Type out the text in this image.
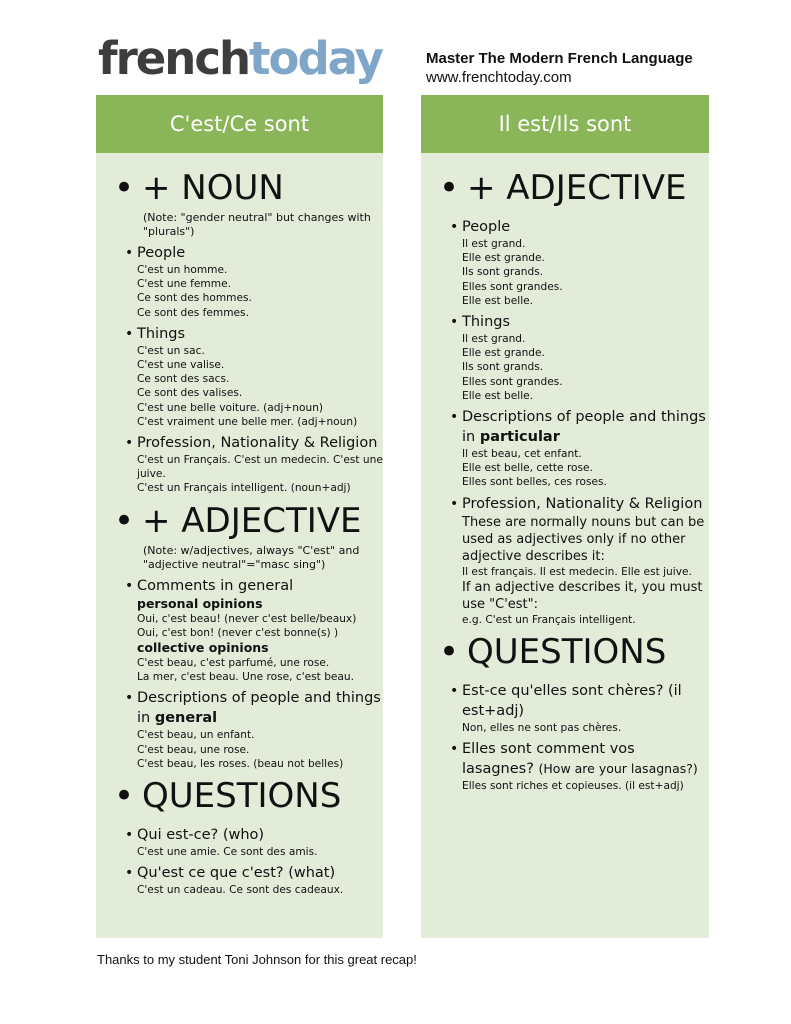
frenchtoday	Master The Modern French Language
www.frenchtoday.com
C'est/Ce sont
• + NOUN
(Note: "gender neutral" but changes with "plurals")
• People
C'est un homme.
C'est une femme.
Ce sont des hommes.
Ce sont des femmes.
• Things
C'est un sac.
C'est une valise.
Ce sont des sacs.
Ce sont des valises.
C'est une belle voiture. (adj+noun)
C'est vraiment une belle mer. (adj+noun)
• Profession, Nationality & Religion
C'est un Français. C'est un medecin. C'est une juive.
C'est un Français intelligent. (noun+adj)
• + ADJECTIVE
(Note: w/adjectives, always "C'est" and "adjective neutral"="masc sing")
• Comments in general
personal opinions
Oui, c'est beau! (never c'est belle/beaux)
Oui, c'est bon! (never c'est bonne(s) )
collective opinions
C'est beau, c'est parfumé, une rose.
La mer, c'est beau. Une rose, c'est beau.
• Descriptions of people and things in general
C'est beau, un enfant.
C'est beau, une rose.
C'est beau, les roses. (beau not belles)
• QUESTIONS
• Qui est-ce? (who)
C'est une amie. Ce sont des amis.
• Qu'est ce que c'est? (what)
C'est un cadeau. Ce sont des cadeaux.
Il est/Ils sont
• + ADJECTIVE
• People
Il est grand.
Elle est grande.
Ils sont grands.
Elles sont grandes.
Elle est belle.
• Things
Il est grand.
Elle est grande.
Ils sont grands.
Elles sont grandes.
Elle est belle.
• Descriptions of people and things in particular
Il est beau, cet enfant.
Elle est belle, cette rose.
Elles sont belles, ces roses.
• Profession, Nationality & Religion
These are normally nouns but can be used as adjectives only if no other adjective describes it:
Il est français. Il est medecin. Elle est juive.
If an adjective describes it, you must use "C'est":
e.g. C'est un Français intelligent.
• QUESTIONS
• Est-ce qu'elles sont chères? (il est+adj)
Non, elles ne sont pas chères.
• Elles sont comment vos lasagnes? (How are your lasagnas?)
Elles sont riches et copieuses. (il est+adj)
Thanks to my student Toni Johnson for this great recap!
